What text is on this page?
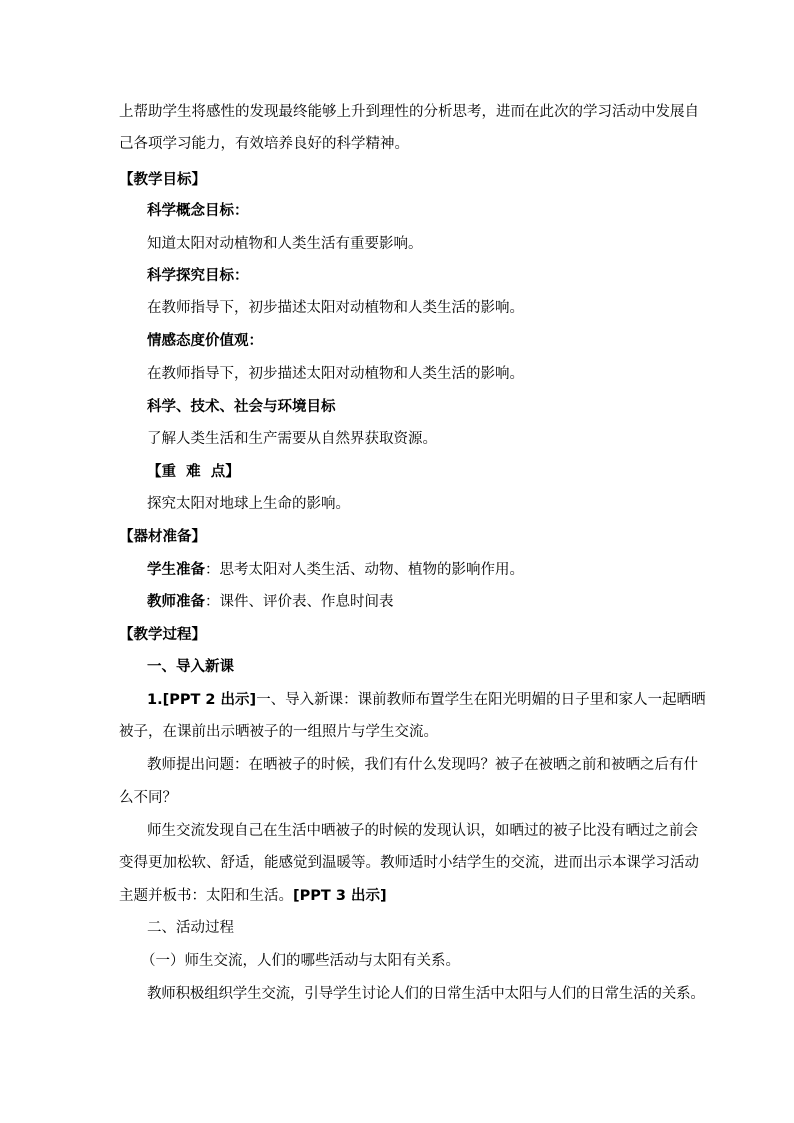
上帮助学生将感性的发现最终能够上升到理性的分析思考，进而在此次的学习活动中发展自
己各项学习能力，有效培养良好的科学精神。
【教学目标】
科学概念目标：
知道太阳对动植物和人类生活有重要影响。
科学探究目标：
在教师指导下，初步描述太阳对动植物和人类生活的影响。
情感态度价值观：
在教师指导下，初步描述太阳对动植物和人类生活的影响。
科学、技术、社会与环境目标
了解人类生活和生产需要从自然界获取资源。
【重  难  点】
探究太阳对地球上生命的影响。
【器材准备】
学生准备：思考太阳对人类生活、动物、植物的影响作用。
教师准备：课件、评价表、作息时间表
【教学过程】
一、导入新课
1.[PPT 2 出示]一、导入新课：课前教师布置学生在阳光明媚的日子里和家人一起晒晒
被子，在课前出示晒被子的一组照片与学生交流。
教师提出问题：在晒被子的时候，我们有什么发现吗？被子在被晒之前和被晒之后有什
么不同？
师生交流发现自己在生活中晒被子的时候的发现认识，如晒过的被子比没有晒过之前会
变得更加松软、舒适，能感觉到温暖等。教师适时小结学生的交流，进而出示本课学习活动
主题并板书：太阳和生活。[PPT 3 出示]
二、活动过程
（一）师生交流，人们的哪些活动与太阳有关系。
教师积极组织学生交流，引导学生讨论人们的日常生活中太阳与人们的日常生活的关系。
